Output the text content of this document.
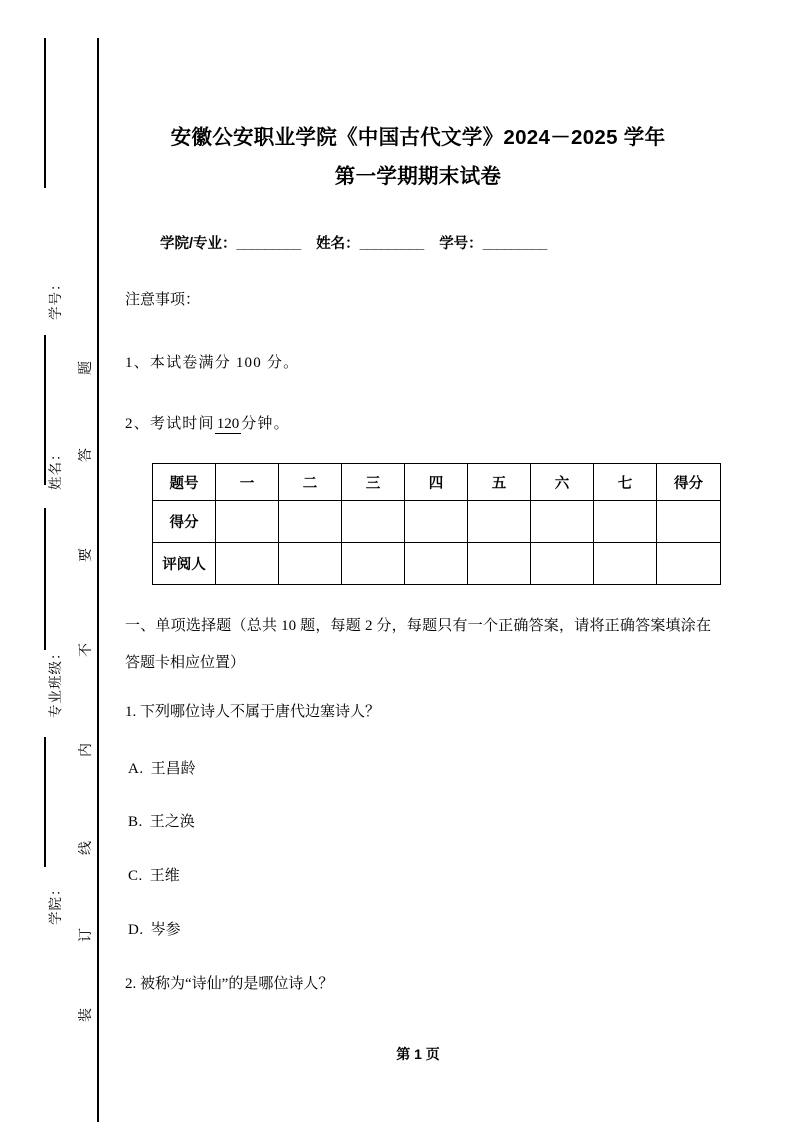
学号：
姓名：
专业班级：
学院：
题
答
要
不
内
线
订
装
安徽公安职业学院《中国古代文学》2024－2025 学年
第一学期期末试卷
学院/专业：_________ 姓名：_________ 学号：_________
注意事项：
1、本试卷满分 100 分。
2、考试时间 120 分钟。
题号	一	二	三	四	五	六	七	得分
得分								
评阅人								
一、单项选择题（总共 10 题，每题 2 分，每题只有一个正确答案，请将正确答案填涂在答题卡相应位置）
1. 下列哪位诗人不属于唐代边塞诗人？
A. 王昌龄
B. 王之涣
C. 王维
D. 岑参
2. 被称为“诗仙”的是哪位诗人？
第 1 页
